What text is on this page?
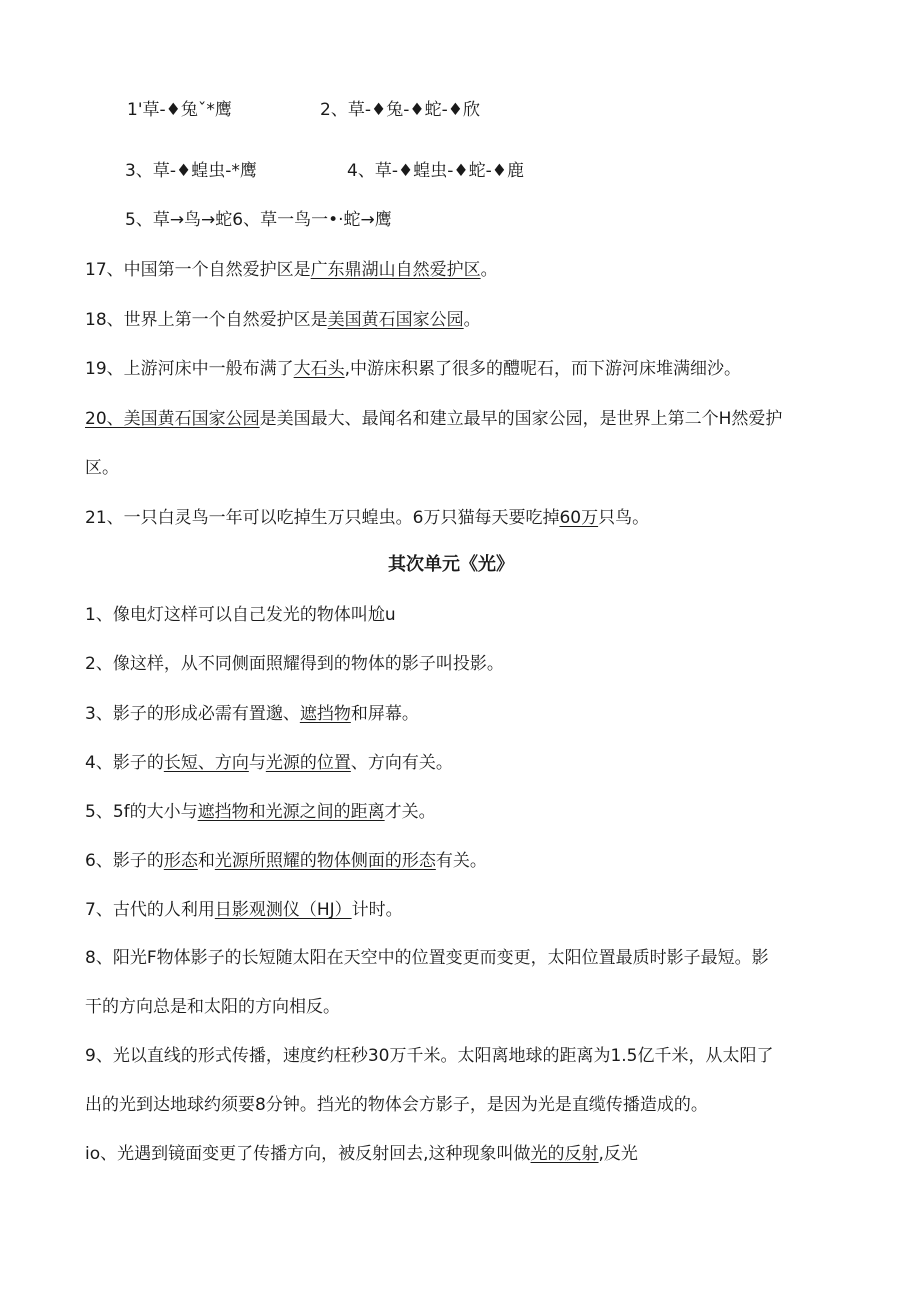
1'草-♦兔ˇ*鹰	2、草-♦兔-♦蛇-♦欣
3、草-♦蝗虫-*鹰	4、草-♦蝗虫-♦蛇-♦鹿
5、草→鸟→蛇6、草一鸟一•·蛇→鹰
17、中国第一个自然爱护区是广东鼎湖山自然爱护区。
18、世界上第一个自然爱护区是美国黄石国家公园。
19、上游河床中一般布满了大石头,中游床积累了很多的醴呢石，而下游河床堆满细沙。
20、美国黄石国家公园是美国最大、最闻名和建立最早的国家公园，是世界上第二个H然爱护
区。
21、一只白灵鸟一年可以吃掉生万只蝗虫。6万只猫每天要吃掉60万只鸟。
其次单元《光》
1、像电灯这样可以自己发光的物体叫尬u
2、像这样，从不同侧面照耀得到的物体的影子叫投影。
3、影子的形成必需有置邈、遮挡物和屏幕。
4、影子的长短、方向与光源的位置、方向有关。
5、5f的大小与遮挡物和光源之间的距离才关。
6、影子的形态和光源所照耀的物体侧面的形态有关。
7、古代的人利用日影观测仪（HJ）计时。
8、阳光F物体影子的长短随太阳在天空中的位置变更而变更，太阳位置最质时影子最短。影
干的方向总是和太阳的方向相反。
9、光以直线的形式传播，速度约枉秒30万千米。太阳离地球的距离为1.5亿千米，从太阳了
出的光到达地球约须要8分钟。挡光的物体会方影子，是因为光是直缆传播造成的。
io、光遇到镜面变更了传播方向，被反射回去,这种现象叫做光的反射,反光
